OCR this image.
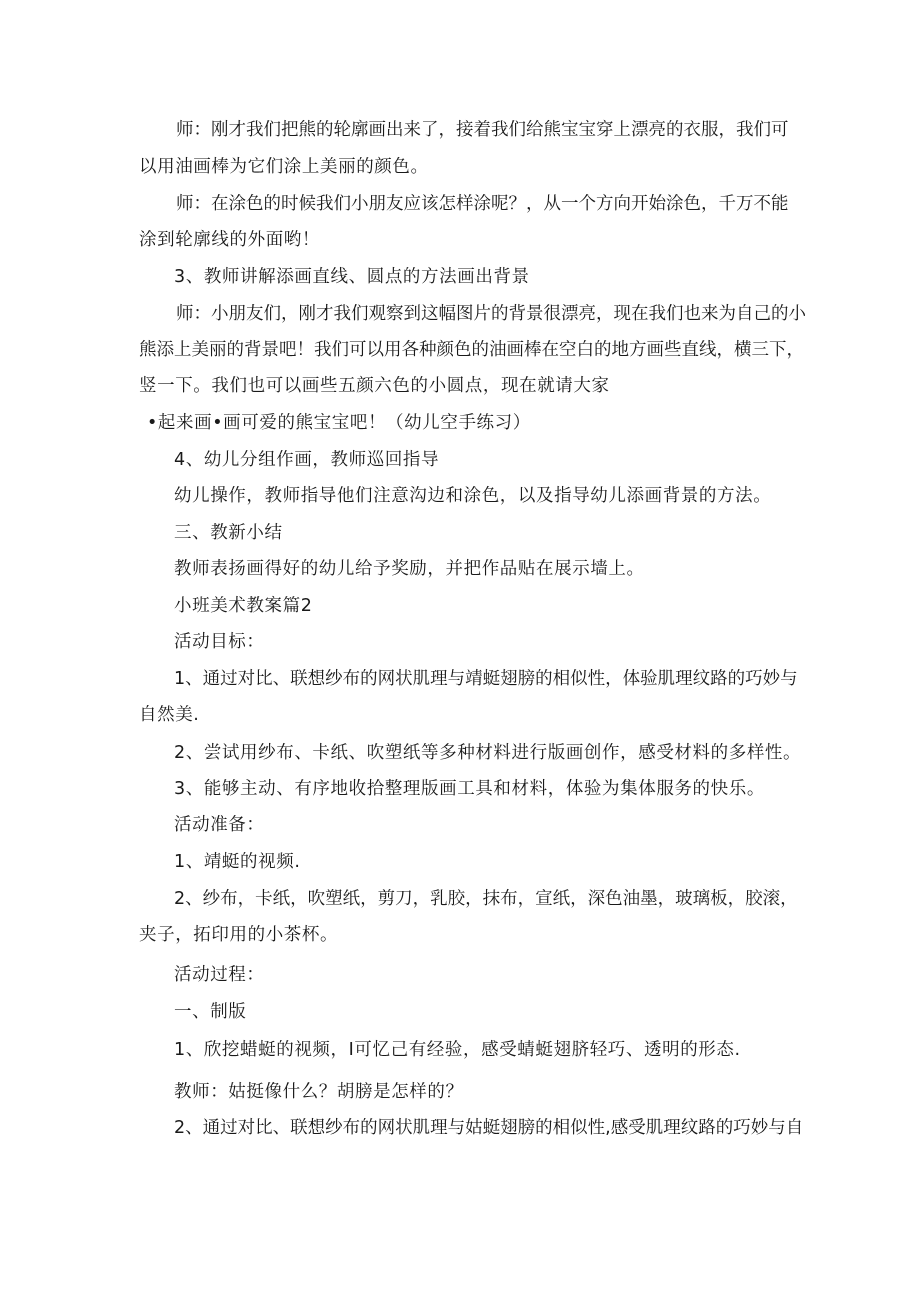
师 ： 刚 才 我 们 把 熊 的 轮 廓 画 出 来 了 ， 接 着 我 们 给 熊 宝 宝 穿 上 漂 亮 的 衣 服 ， 我 们 可
以用油画棒为它们涂上美丽的颜色。
师 ： 在 涂 色 的 时 候 我 们 小 朋 友 应 该 怎 样 涂 呢 ？ ， 从 一 个 方 向 开 始 涂 色 ， 千 万 不 能
涂到轮廓线的外面哟！
3、教师讲解添画直线、圆点的方法画出背景
师 ： 小 朋 友 们 ， 刚 才 我 们 观 察 到 这 幅 图 片 的 背 景 很 漂 亮 ， 现 在 我 们 也 来 为 自 己 的 小
熊 添 上 美 丽 的 背 景 吧 ！ 我 们 可 以 用 各 种 颜 色 的 油 画 棒 在 空 白 的 地 方 画 些 直 线 ， 横 三 下 ，
竖一下。我们也可以画些五颜六色的小圆点，现在就请大家
•起来画•画可爱的熊宝宝吧！（幼儿空手练习）
4、幼儿分组作画，教师巡回指导
幼儿操作，教师指导他们注意沟边和涂色，以及指导幼儿添画背景的方法。
三、教新小结
教师表扬画得好的幼儿给予奖励，并把作品贴在展示墙上。
小班美术教案篇2
活动目标：
1 、 通 过 对 比 、 联 想 纱 布 的 网 状 肌 理 与 靖 蜓 翅 膀 的 相 似 性 ， 体 验 肌 理 纹 路 的 巧 妙 与
自然美.
2、尝试用纱布、卡纸、吹塑纸等多种材料进行版画创作，感受材料的多样性。
3、能够主动、有序地收拾整理版画工具和材料，体验为集体服务的快乐。
活动准备：
1、靖蜓的视频.
2 、 纱 布 ， 卡 纸 ， 吹 塑 纸 ， 剪 刀 ， 乳 胶 ， 抹 布 ， 宣 纸 ， 深 色 油 墨 ， 玻 璃 板 ， 胶 滚 ，
夹子，拓印用的小茶杯。
活动过程：
一、制版
1、欣挖蜡蜓的视频，I可忆己有经验，感受蜻蜓翅脐轻巧、透明的形态.
教师：姑挺像什么？胡膀是怎样的？
2 、 通 过 对 比 、 联 想 纱 布 的 网 状 肌 理 与 姑 蜓 翅 膀 的 相 似 性 , 感 受 肌 理 纹 路 的 巧 妙 与 自
